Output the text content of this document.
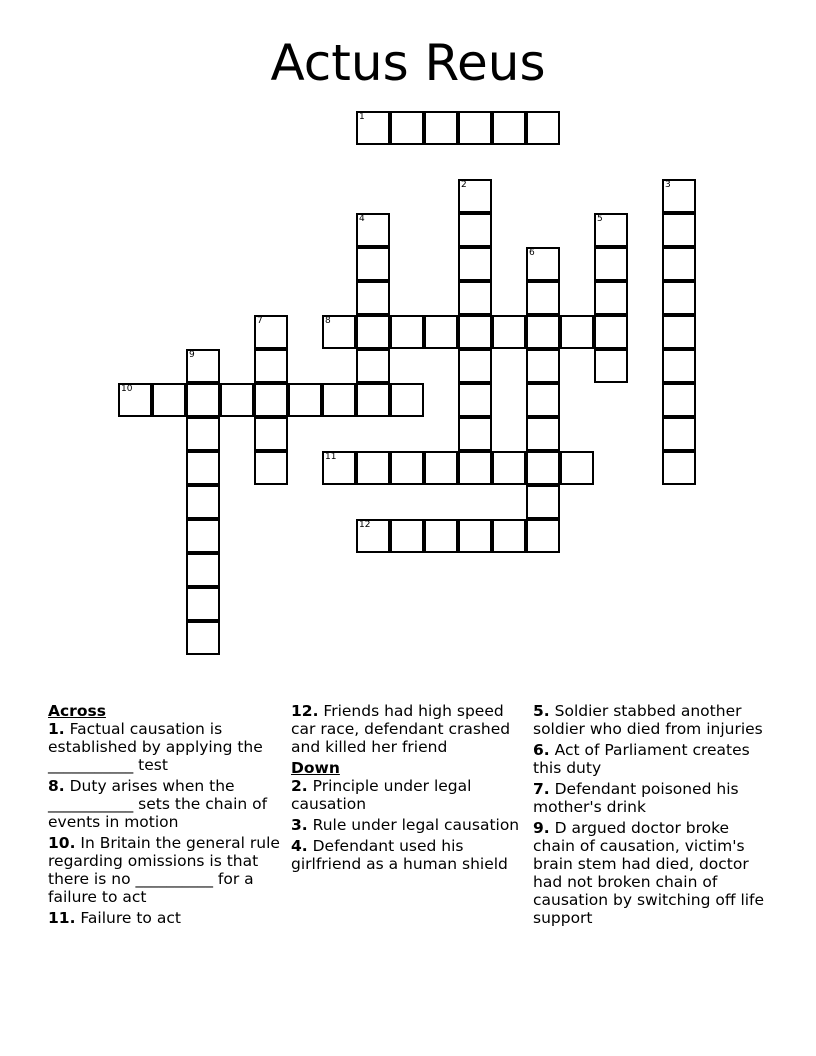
Actus Reus
1
2	3
4	5
6
7	8
9
10
11
12
Across
1. Factual causation is established by applying the ___________ test
8. Duty arises when the ___________ sets the chain of events in motion
10. In Britain the general rule regarding omissions is that there is no __________ for a failure to act
11. Failure to act
12. Friends had high speed car race, defendant crashed and killed her friend
Down
2. Principle under legal causation
3. Rule under legal causation
4. Defendant used his girlfriend as a human shield
5. Soldier stabbed another soldier who died from injuries
6. Act of Parliament creates this duty
7. Defendant poisoned his mother's drink
9. D argued doctor broke chain of causation, victim's brain stem had died, doctor had not broken chain of causation by switching off life support
